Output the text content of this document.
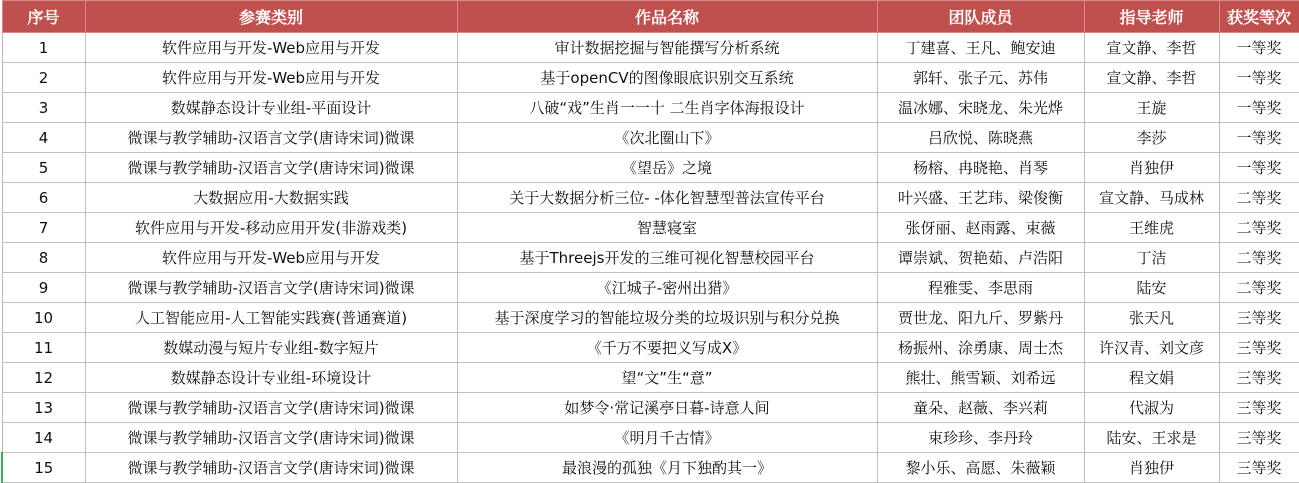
序号	参赛类别	作品名称	团队成员	指导老师	获奖等次
1	软件应用与开发-Web应用与开发	审计数据挖掘与智能撰写分析系统	丁建喜、王凡、鲍安迪	宣文静、李哲	一等奖
2	软件应用与开发-Web应用与开发	基于openCV的图像眼底识别交互系统	郭轩、张子元、苏伟	宣文静、李哲	一等奖
3	数媒静态设计专业组-平面设计	八破“戏”生肖一一十 二生肖字体海报设计	温冰娜、宋晓龙、朱光烨	王旋	一等奖
4	微课与教学辅助-汉语言文学(唐诗宋词)微课	《次北圈山下》	吕欣悦、陈晓燕	李莎	一等奖
5	微课与教学辅助-汉语言文学(唐诗宋词)微课	《望岳》之境	杨榕、冉晓艳、肖琴	肖独伊	一等奖
6	大数据应用-大数据实践	关于大数据分析三位- -体化智慧型普法宣传平台	叶兴盛、王艺玮、梁俊衡	宣文静、马成林	二等奖
7	软件应用与开发-移动应用开发(非游戏类)	智慧寝室	张伢丽、赵雨露、束薇	王维虎	二等奖
8	软件应用与开发-Web应用与开发	基于Threejs开发的三维可视化智慧校园平台	谭崇斌、贺艳茹、卢浩阳	丁洁	二等奖
9	微课与教学辅助-汉语言文学(唐诗宋词)微课	《江城子-密州出猎》	程雅雯、李思雨	陆安	二等奖
10	人工智能应用-人工智能实践赛(普通赛道)	基于深度学习的智能垃圾分类的垃圾识别与积分兑换	贾世龙、阳九斤、罗紫丹	张天凡	三等奖
11	数媒动漫与短片专业组-数字短片	《千万不要把义写成X》	杨振州、涂勇康、周士杰	许汉青、刘文彦	三等奖
12	数媒静态设计专业组-环境设计	望“文”生“意”	熊壮、熊雪颖、刘希远	程文娟	三等奖
13	微课与教学辅助-汉语言文学(唐诗宋词)微课	如梦令·常记溪亭日暮-诗意人间	童朵、赵薇、李兴莉	代淑为	三等奖
14	微课与教学辅助-汉语言文学(唐诗宋词)微课	《明月千古情》	束珍珍、李丹玲	陆安、王求是	三等奖
15	微课与教学辅助-汉语言文学(唐诗宋词)微课	最浪漫的孤独《月下独酌其一》	黎小乐、高愿、朱薇颖	肖独伊	三等奖
